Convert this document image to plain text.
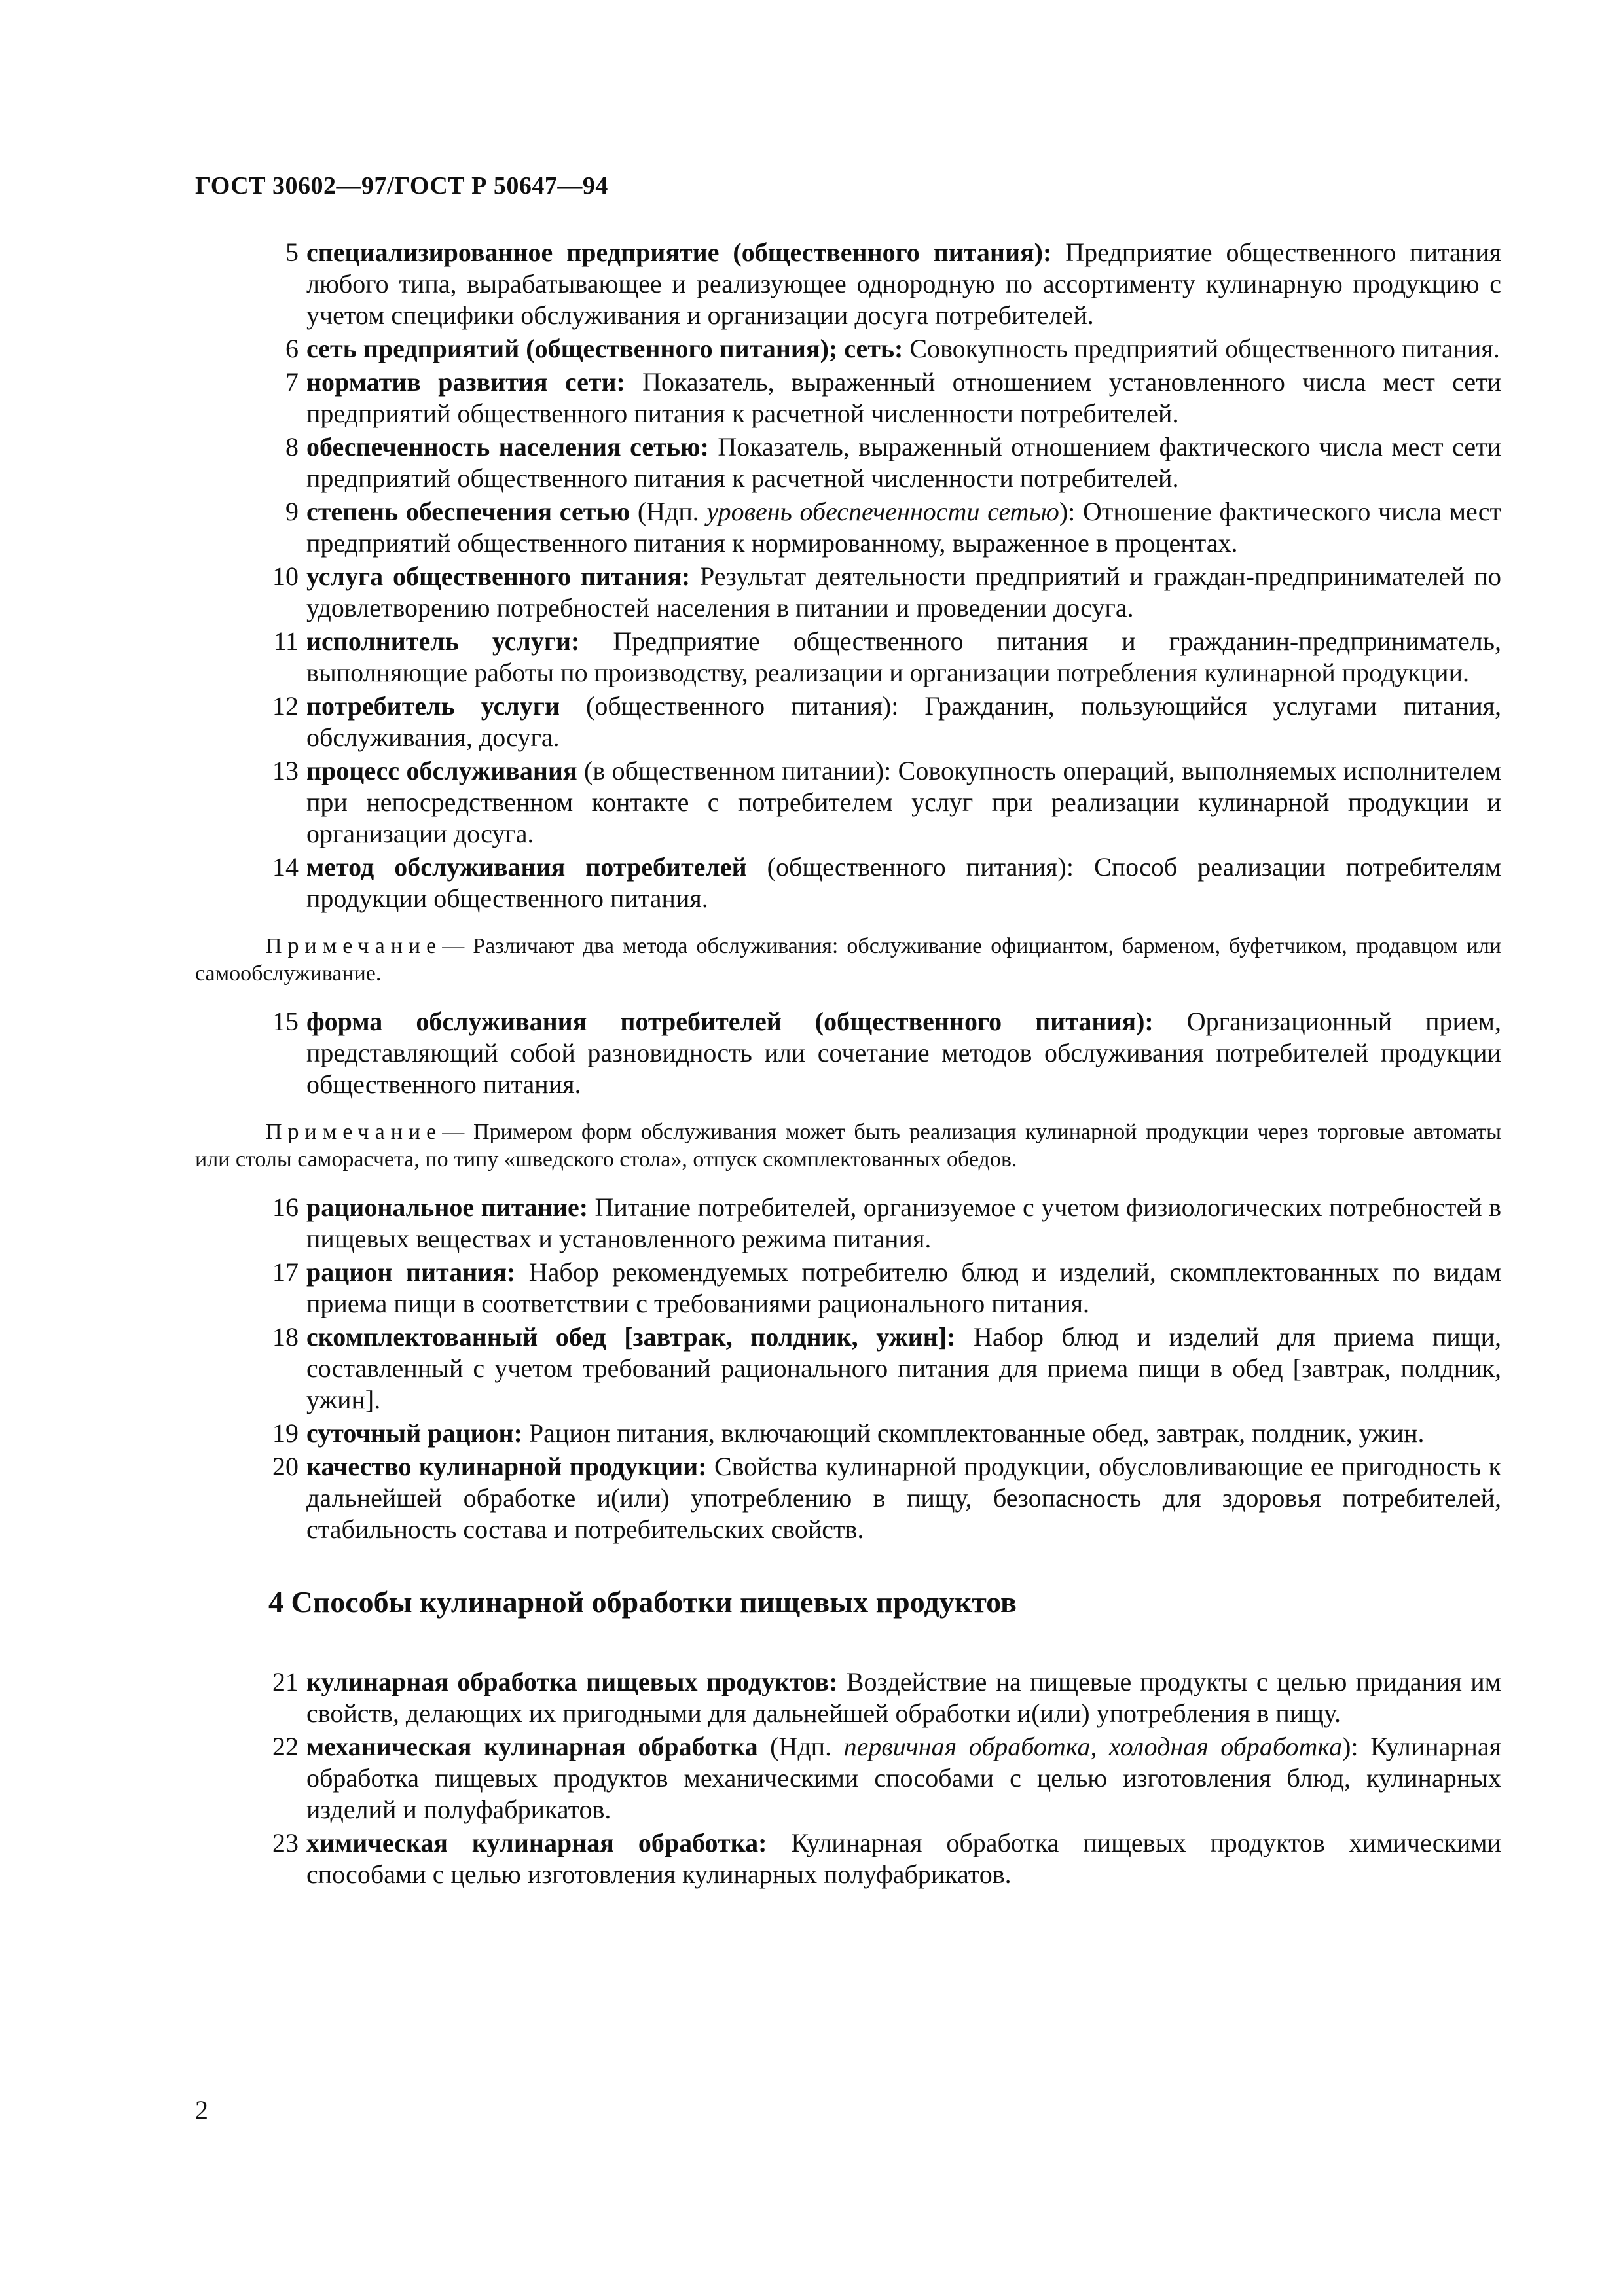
ГОСТ 30602—97/ГОСТ Р 50647—94
5 специализированное предприятие (общественного питания): Предприятие общественного питания любого типа, вырабатывающее и реализующее однородную по ассортименту кулинарную продукцию с учетом специфики обслуживания и организации досуга потребителей.
6 сеть предприятий (общественного питания); сеть: Совокупность предприятий общественного питания.
7 норматив развития сети: Показатель, выраженный отношением установленного числа мест сети предприятий общественного питания к расчетной численности потребителей.
8 обеспеченность населения сетью: Показатель, выраженный отношением фактического числа мест сети предприятий общественного питания к расчетной численности потребителей.
9 степень обеспечения сетью (Ндп. уровень обеспеченности сетью): Отношение фактического числа мест предприятий общественного питания к нормированному, выраженное в процентах.
10 услуга общественного питания: Результат деятельности предприятий и граждан-предпринимателей по удовлетворению потребностей населения в питании и проведении досуга.
11 исполнитель услуги: Предприятие общественного питания и гражданин-предприниматель, выполняющие работы по производству, реализации и организации потребления кулинарной продукции.
12 потребитель услуги (общественного питания): Гражданин, пользующийся услугами питания, обслуживания, досуга.
13 процесс обслуживания (в общественном питании): Совокупность операций, выполняемых исполнителем при непосредственном контакте с потребителем услуг при реализации кулинарной продукции и организации досуга.
14 метод обслуживания потребителей (общественного питания): Способ реализации потребителям продукции общественного питания.
Примечание— Различают два метода обслуживания: обслуживание официантом, барменом, буфетчиком, продавцом или самообслуживание.
15 форма обслуживания потребителей (общественного питания): Организационный прием, представляющий собой разновидность или сочетание методов обслуживания потребителей продукции общественного питания.
Примечание— Примером форм обслуживания может быть реализация кулинарной продукции через торговые автоматы или столы саморасчета, по типу «шведского стола», отпуск скомплектованных обедов.
16 рациональное питание: Питание потребителей, организуемое с учетом физиологических потребностей в пищевых веществах и установленного режима питания.
17 рацион питания: Набор рекомендуемых потребителю блюд и изделий, скомплектованных по видам приема пищи в соответствии с требованиями рационального питания.
18 скомплектованный обед [завтрак, полдник, ужин]: Набор блюд и изделий для приема пищи, составленный с учетом требований рационального питания для приема пищи в обед [завтрак, полдник, ужин].
19 суточный рацион: Рацион питания, включающий скомплектованные обед, завтрак, полдник, ужин.
20 качество кулинарной продукции: Свойства кулинарной продукции, обусловливающие ее пригодность к дальнейшей обработке и(или) употреблению в пищу, безопасность для здоровья потребителей, стабильность состава и потребительских свойств.
4 Способы кулинарной обработки пищевых продуктов
21 кулинарная обработка пищевых продуктов: Воздействие на пищевые продукты с целью придания им свойств, делающих их пригодными для дальнейшей обработки и(или) употребления в пищу.
22 механическая кулинарная обработка (Ндп. первичная обработка, холодная обработка): Кулинарная обработка пищевых продуктов механическими способами с целью изготовления блюд, кулинарных изделий и полуфабрикатов.
23 химическая кулинарная обработка: Кулинарная обработка пищевых продуктов химическими способами с целью изготовления кулинарных полуфабрикатов.
2
